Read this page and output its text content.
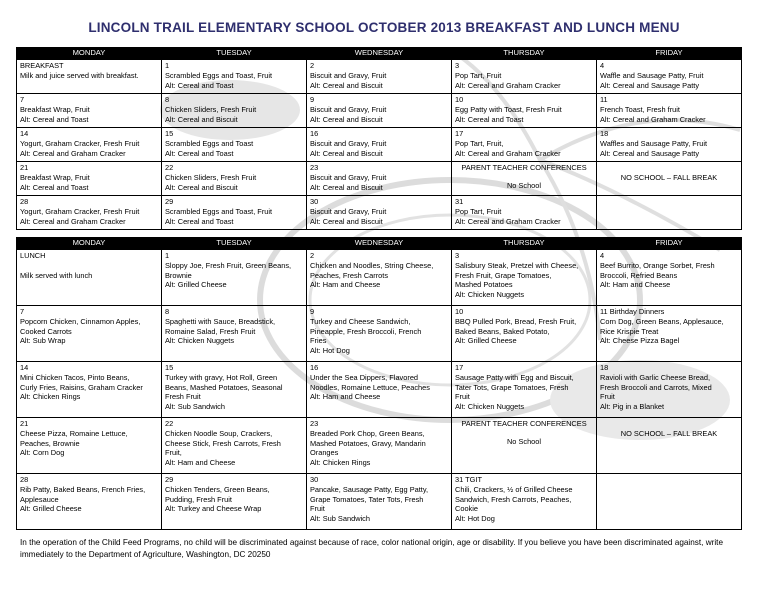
LINCOLN TRAIL ELEMENTARY SCHOOL OCTOBER 2013 BREAKFAST AND LUNCH MENU
MONDAY	TUESDAY	WEDNESDAY	THURSDAY	FRIDAY

BREAKFAST
Milk and juice served with breakfast.	1
Scrambled Eggs and Toast, Fruit
Alt: Cereal and Toast	2
Biscuit and Gravy, Fruit
Alt: Cereal and Biscuit	3
Pop Tart, Fruit
Alt: Cereal and Graham Cracker	4
Waffle and Sausage Patty, Fruit
Alt: Cereal and Sausage Patty

7
Breakfast Wrap, Fruit
Alt: Cereal and Toast	8
Chicken Sliders, Fresh Fruit
Alt: Cereal and Biscuit	9
Biscuit and Gravy, Fruit
Alt: Cereal and Biscuit	10
Egg Patty with Toast, Fresh Fruit
Alt: Cereal and Toast	11
French Toast, Fresh fruit
Alt: Cereal and Graham Cracker

14
Yogurt, Graham Cracker, Fresh Fruit
Alt: Cereal and Graham Cracker	15
Scrambled Eggs and Toast
Alt: Cereal and Toast	16
Biscuit and Gravy, Fruit
Alt: Cereal and Biscuit	17
Pop Tart, Fruit,
Alt: Cereal and Graham Cracker	18
Waffles and Sausage Patty, Fruit
Alt: Cereal and Sausage Patty

21
Breakfast Wrap, Fruit
Alt: Cereal and Toast	22
Chicken Sliders, Fresh Fruit
Alt: Cereal and Biscuit	23
Biscuit and Gravy, Fruit
Alt: Cereal and Biscuit	PARENT TEACHER CONFERENCES
No School	NO SCHOOL – FALL BREAK

28
Yogurt, Graham Cracker, Fresh Fruit
Alt: Cereal and Graham Cracker	29
Scrambled Eggs and Toast, Fruit
Alt: Cereal and Toast	30
Biscuit and Gravy, Fruit
Alt: Cereal and Biscuit	31
Pop Tart, Fruit
Alt: Cereal and Graham Cracker	

MONDAY	TUESDAY	WEDNESDAY	THURSDAY	FRIDAY

LUNCH

Milk served with lunch	1
Sloppy Joe, Fresh Fruit, Green Beans,
Brownie
Alt: Grilled Cheese	2
Chicken and Noodles, String Cheese,
Peaches, Fresh Carrots
Alt: Ham and Cheese	3
Salisbury Steak, Pretzel with Cheese,
Fresh Fruit, Grape Tomatoes,
Mashed Potatoes
Alt: Chicken Nuggets	4
Beef Burrito, Orange Sorbet, Fresh
Broccoli, Refried Beans
Alt: Ham and Cheese

7
Popcorn Chicken, Cinnamon Apples,
Cooked Carrots
Alt: Sub Wrap	8
Spaghetti with Sauce, Breadstick,
Romaine Salad, Fresh Fruit
Alt: Chicken Nuggets	9
Turkey and Cheese Sandwich,
Pineapple, Fresh Broccoli, French
Fries
Alt: Hot Dog	10
BBQ Pulled Pork, Bread, Fresh Fruit,
Baked Beans, Baked Potato,
Alt: Grilled Cheese	11 Birthday Dinners
Corn Dog, Green Beans, Applesauce,
Rice Krispie Treat
Alt: Cheese Pizza Bagel

14
Mini Chicken Tacos, Pinto Beans,
Curly Fries, Raisins, Graham Cracker
Alt: Chicken Rings	15
Turkey with gravy, Hot Roll, Green
Beans, Mashed Potatoes, Seasonal
Fresh Fruit
Alt: Sub Sandwich	16
Under the Sea Dippers, Flavored
Noodles, Romaine Lettuce, Peaches
Alt: Ham and Cheese	17
Sausage Patty with Egg and Biscuit,
Tater Tots, Grape Tomatoes, Fresh
Fruit
Alt: Chicken Nuggets	18
Ravioli with Garlic Cheese Bread,
Fresh Broccoli and Carrots, Mixed
Fruit
Alt: Pig in a Blanket

21
Cheese Pizza, Romaine Lettuce,
Peaches, Brownie
Alt: Corn Dog	22
Chicken Noodle Soup, Crackers,
Cheese Stick, Fresh Carrots, Fresh
Fruit,
Alt: Ham and Cheese	23
Breaded Pork Chop, Green Beans,
Mashed Potatoes, Gravy, Mandarin
Oranges
Alt: Chicken Rings	PARENT TEACHER CONFERENCES
No School	NO SCHOOL – FALL BREAK

28
Rib Patty, Baked Beans, French Fries,
Applesauce
Alt: Grilled Cheese	29
Chicken Tenders, Green Beans,
Pudding, Fresh Fruit
Alt: Turkey and Cheese Wrap	30
Pancake, Sausage Patty, Egg Patty,
Grape Tomatoes, Tater Tots, Fresh
Fruit
Alt: Sub Sandwich	31 TGIT
Chili, Crackers, ½ of Grilled Cheese
Sandwich, Fresh Carrots, Peaches,
Cookie
Alt: Hot Dog	

In the operation of the Child Feed Programs, no child will be discriminated against because of race, color national origin, age or disability. If you believe you have been discriminated against, write immediately to the Department of Agriculture, Washington, DC 20250
